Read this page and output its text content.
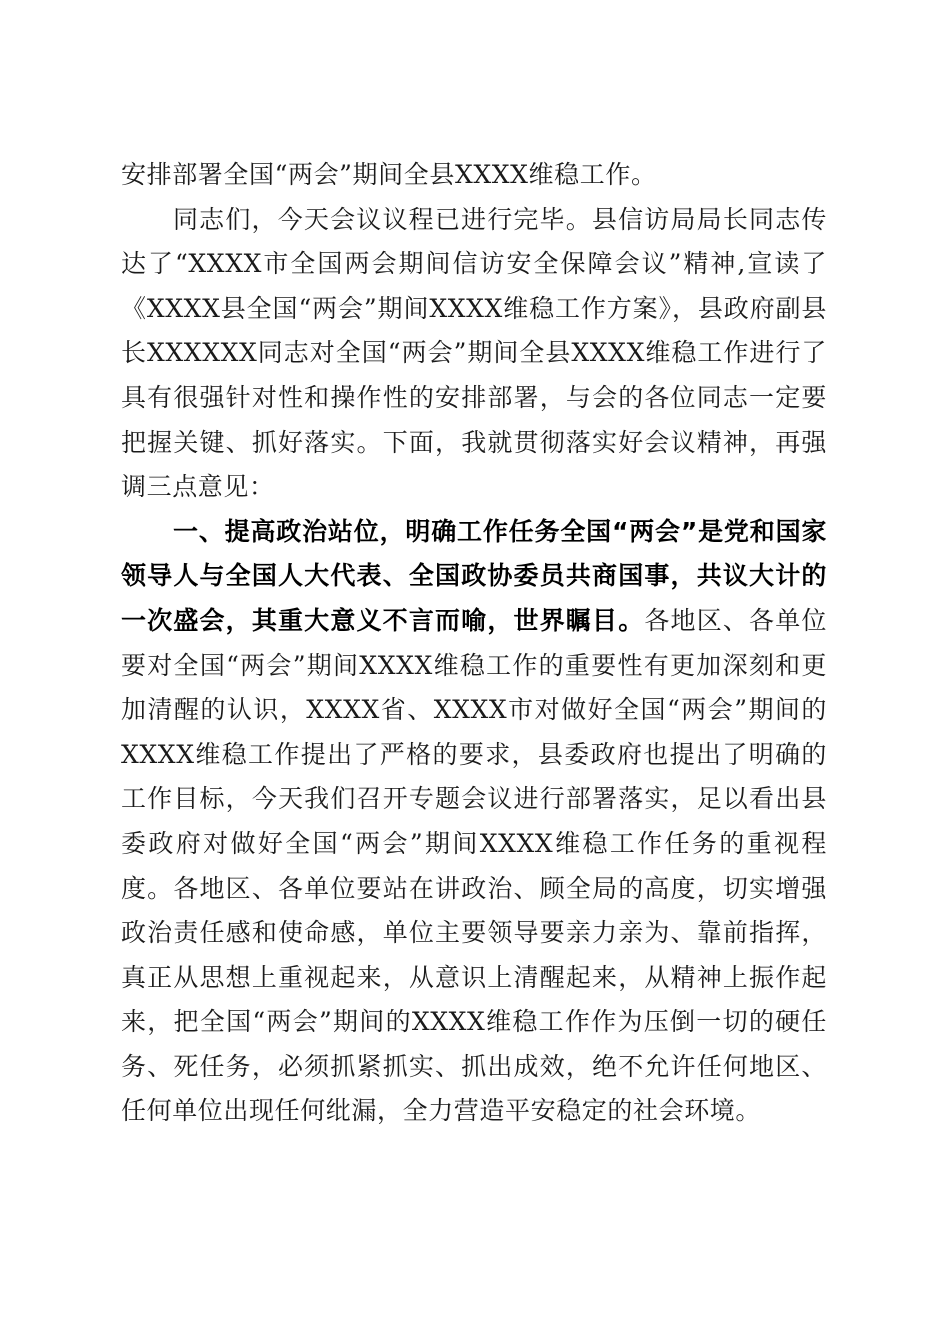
安排部署全国“两会”期间全县XXXX维稳工作。

同志们，今天会议议程已进行完毕。县信访局局长同志传达了“XXXX市全国两会期间信访安全保障会议”精神,宣读了《XXXX县全国“两会”期间XXXX维稳工作方案》，县政府副县长XXXXXX同志对全国“两会”期间全县XXXX维稳工作进行了具有很强针对性和操作性的安排部署，与会的各位同志一定要把握关键、抓好落实。下面，我就贯彻落实好会议精神，再强调三点意见：

一、提高政治站位，明确工作任务全国“两会”是党和国家领导人与全国人大代表、全国政协委员共商国事，共议大计的一次盛会，其重大意义不言而喻，世界瞩目。各地区、各单位要对全国“两会”期间XXXX维稳工作的重要性有更加深刻和更加清醒的认识，XXXX省、XXXX市对做好全国“两会”期间的XXXX维稳工作提出了严格的要求，县委政府也提出了明确的工作目标，今天我们召开专题会议进行部署落实，足以看出县委政府对做好全国“两会”期间XXXX维稳工作任务的重视程度。各地区、各单位要站在讲政治、顾全局的高度，切实增强政治责任感和使命感，单位主要领导要亲力亲为、靠前指挥，真正从思想上重视起来，从意识上清醒起来，从精神上振作起来，把全国“两会”期间的XXXX维稳工作作为压倒一切的硬任务、死任务，必须抓紧抓实、抓出成效，绝不允许任何地区、任何单位出现任何纰漏，全力营造平安稳定的社会环境。
